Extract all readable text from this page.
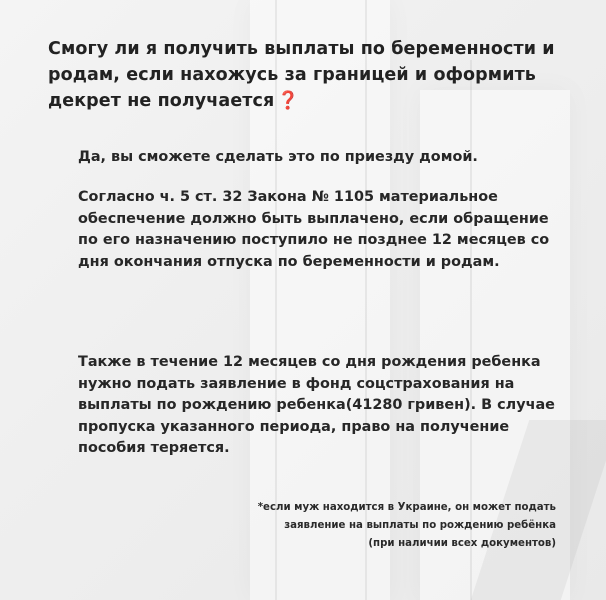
Смогу ли я получить выплаты по беременности и родам, если нахожусь за границей и оформить декрет не получается ❓

Да, вы сможете сделать это по приезду домой.

Согласно ч. 5 ст. 32 Закона № 1105 материальное обеспечение должно быть выплачено, если обращение по его назначению поступило не позднее 12 месяцев со дня окончания отпуска по беременности и родам.

Также в течение 12 месяцев со дня рождения ребенка нужно подать заявление в фонд соцстрахования на выплаты по рождению ребенка(41280 гривен). В случае пропуска указанного периода, право на получение пособия теряется.

*если муж находится в Украине, он может подать
заявление на выплаты по рождению ребёнка
(при наличии всех документов)
